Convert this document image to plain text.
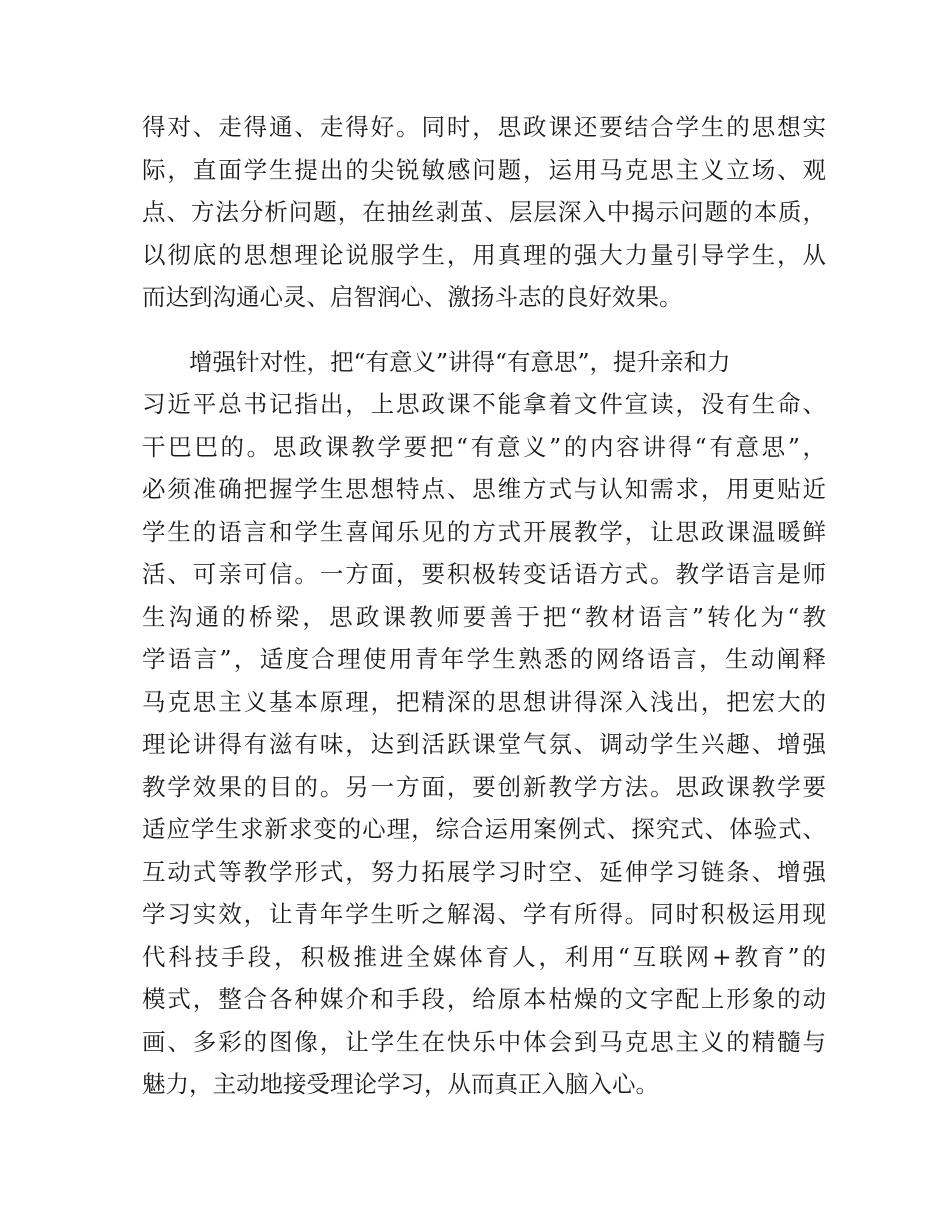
得对、走得通、走得好。同时，思政课还要结合学生的思想实
际，直面学生提出的尖锐敏感问题，运用马克思主义立场、观
点、方法分析问题，在抽丝剥茧、层层深入中揭示问题的本质，
以彻底的思想理论说服学生，用真理的强大力量引导学生，从
而达到沟通心灵、启智润心、激扬斗志的良好效果。
　　增强针对性，把“有意义”讲得“有意思”，提升亲和力
习近平总书记指出，上思政课不能拿着文件宣读，没有生命、
干巴巴的。思政课教学要把“有意义”的内容讲得“有意思”，
必须准确把握学生思想特点、思维方式与认知需求，用更贴近
学生的语言和学生喜闻乐见的方式开展教学，让思政课温暖鲜
活、可亲可信。一方面，要积极转变话语方式。教学语言是师
生沟通的桥梁，思政课教师要善于把“教材语言”转化为“教
学语言”，适度合理使用青年学生熟悉的网络语言，生动阐释
马克思主义基本原理，把精深的思想讲得深入浅出，把宏大的
理论讲得有滋有味，达到活跃课堂气氛、调动学生兴趣、增强
教学效果的目的。另一方面，要创新教学方法。思政课教学要
适应学生求新求变的心理，综合运用案例式、探究式、体验式、
互动式等教学形式，努力拓展学习时空、延伸学习链条、增强
学习实效，让青年学生听之解渴、学有所得。同时积极运用现
代科技手段，积极推进全媒体育人，利用“互联网+教育”的
模式，整合各种媒介和手段，给原本枯燥的文字配上形象的动
画、多彩的图像，让学生在快乐中体会到马克思主义的精髓与
魅力，主动地接受理论学习，从而真正入脑入心。
